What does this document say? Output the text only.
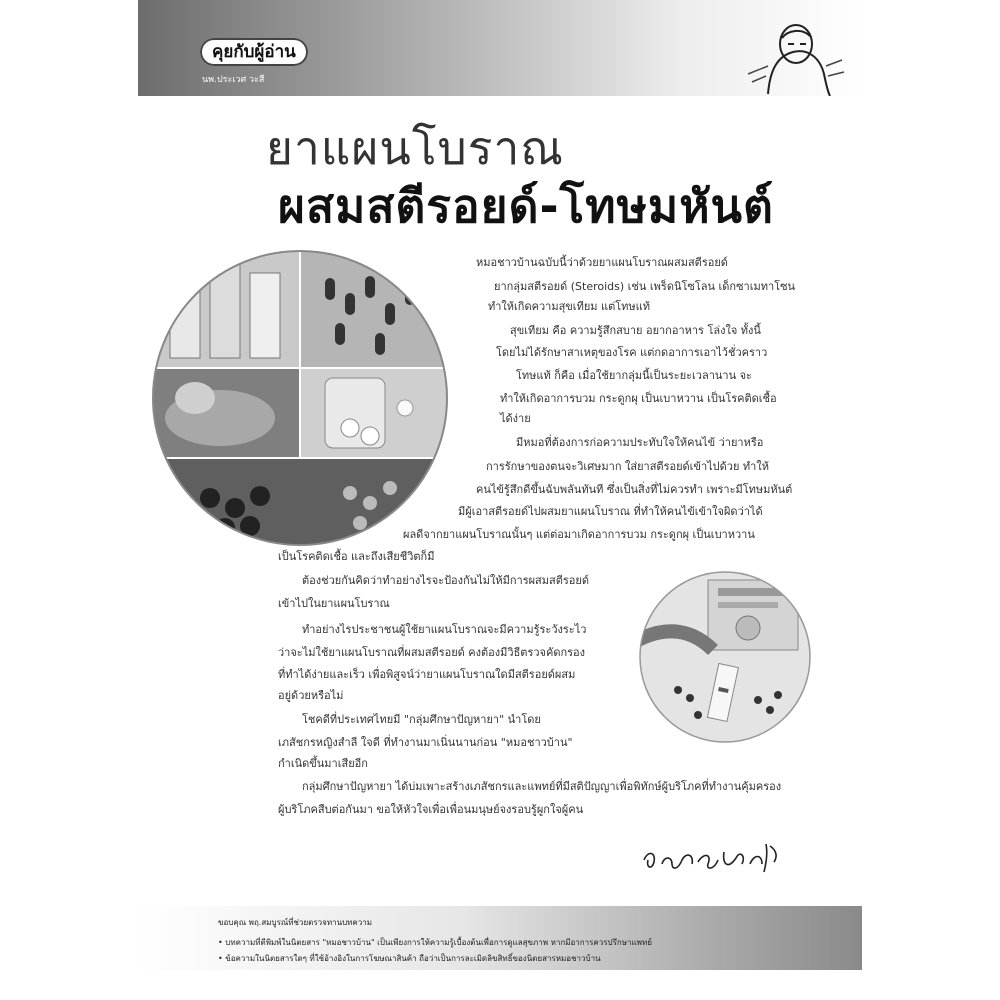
คุยกับผู้อ่าน
นพ.ประเวศ วะสี
ยาแผนโบราณ
ผสมสตีรอยด์-โทษมหันต์
หมอชาวบ้านฉบับนี้ว่าด้วยยาแผนโบราณผสมสตีรอยด์
ยากลุ่มสตีรอยด์ (Steroids) เช่น เพร็ดนิโซโลน เด็กซาเมทาโซน
ทำให้เกิดความสุขเทียม แต่โทษแท้
สุขเทียม คือ ความรู้สึกสบาย อยากอาหาร โล่งใจ ทั้งนี้
โดยไม่ได้รักษาสาเหตุของโรค แต่กดอาการเอาไว้ชั่วคราว
โทษแท้ ก็คือ เมื่อใช้ยากลุ่มนี้เป็นระยะเวลานาน จะ
ทำให้เกิดอาการบวม กระดูกผุ เป็นเบาหวาน เป็นโรคติดเชื้อ
ได้ง่าย
มีหมอที่ต้องการก่อความประทับใจให้คนไข้ ว่ายาหรือ
การรักษาของตนจะวิเศษมาก ใส่ยาสตีรอยด์เข้าไปด้วย ทำให้
คนไข้รู้สึกดีขึ้นฉับพลันทันที ซึ่งเป็นสิ่งที่ไม่ควรทำ เพราะมีโทษมหันต์
มีผู้เอาสตีรอยด์ไปผสมยาแผนโบราณ ที่ทำให้คนไข้เข้าใจผิดว่าได้
ผลดีจากยาแผนโบราณนั้นๆ แต่ต่อมาเกิดอาการบวม กระดูกผุ เป็นเบาหวาน
เป็นโรคติดเชื้อ และถึงเสียชีวิตก็มี
ต้องช่วยกันคิดว่าทำอย่างไรจะป้องกันไม่ให้มีการผสมสตีรอยด์
เข้าไปในยาแผนโบราณ
ทำอย่างไรประชาชนผู้ใช้ยาแผนโบราณจะมีความรู้ระวังระไว
ว่าจะไม่ใช้ยาแผนโบราณที่ผสมสตีรอยด์ คงต้องมีวิธีตรวจคัดกรอง
ที่ทำได้ง่ายและเร็ว เพื่อพิสูจน์ว่ายาแผนโบราณใดมีสตีรอยด์ผสม
อยู่ด้วยหรือไม่
โชคดีที่ประเทศไทยมี "กลุ่มศึกษาปัญหายา" นำโดย
เภสัชกรหญิงสำลี ใจดี ที่ทำงานมาเนิ่นนานก่อน "หมอชาวบ้าน"
กำเนิดขึ้นมาเสียอีก
กลุ่มศึกษาปัญหายา ได้บ่มเพาะสร้างเภสัชกรและแพทย์ที่มีสติปัญญาเพื่อพิทักษ์ผู้บริโภคที่ทำงานคุ้มครอง
ผู้บริโภคสืบต่อกันมา ขอให้หัวใจเพื่อเพื่อนมนุษย์จงรอบรู้ผูกใจผู้คน
ขอบคุณ พฤ.สมบูรณ์ที่ช่วยตรวจทานบทความ
• บทความที่ตีพิมพ์ในนิตยสาร "หมอชาวบ้าน" เป็นเพียงการให้ความรู้เบื้องต้นเพื่อการดูแลสุขภาพ หากมีอาการควรปรึกษาแพทย์
• ข้อความในนิตยสารใดๆ ที่ใช้อ้างอิงในการโฆษณาสินค้า ถือว่าเป็นการละเมิดลิขสิทธิ์ของนิตยสารหมอชาวบ้าน
